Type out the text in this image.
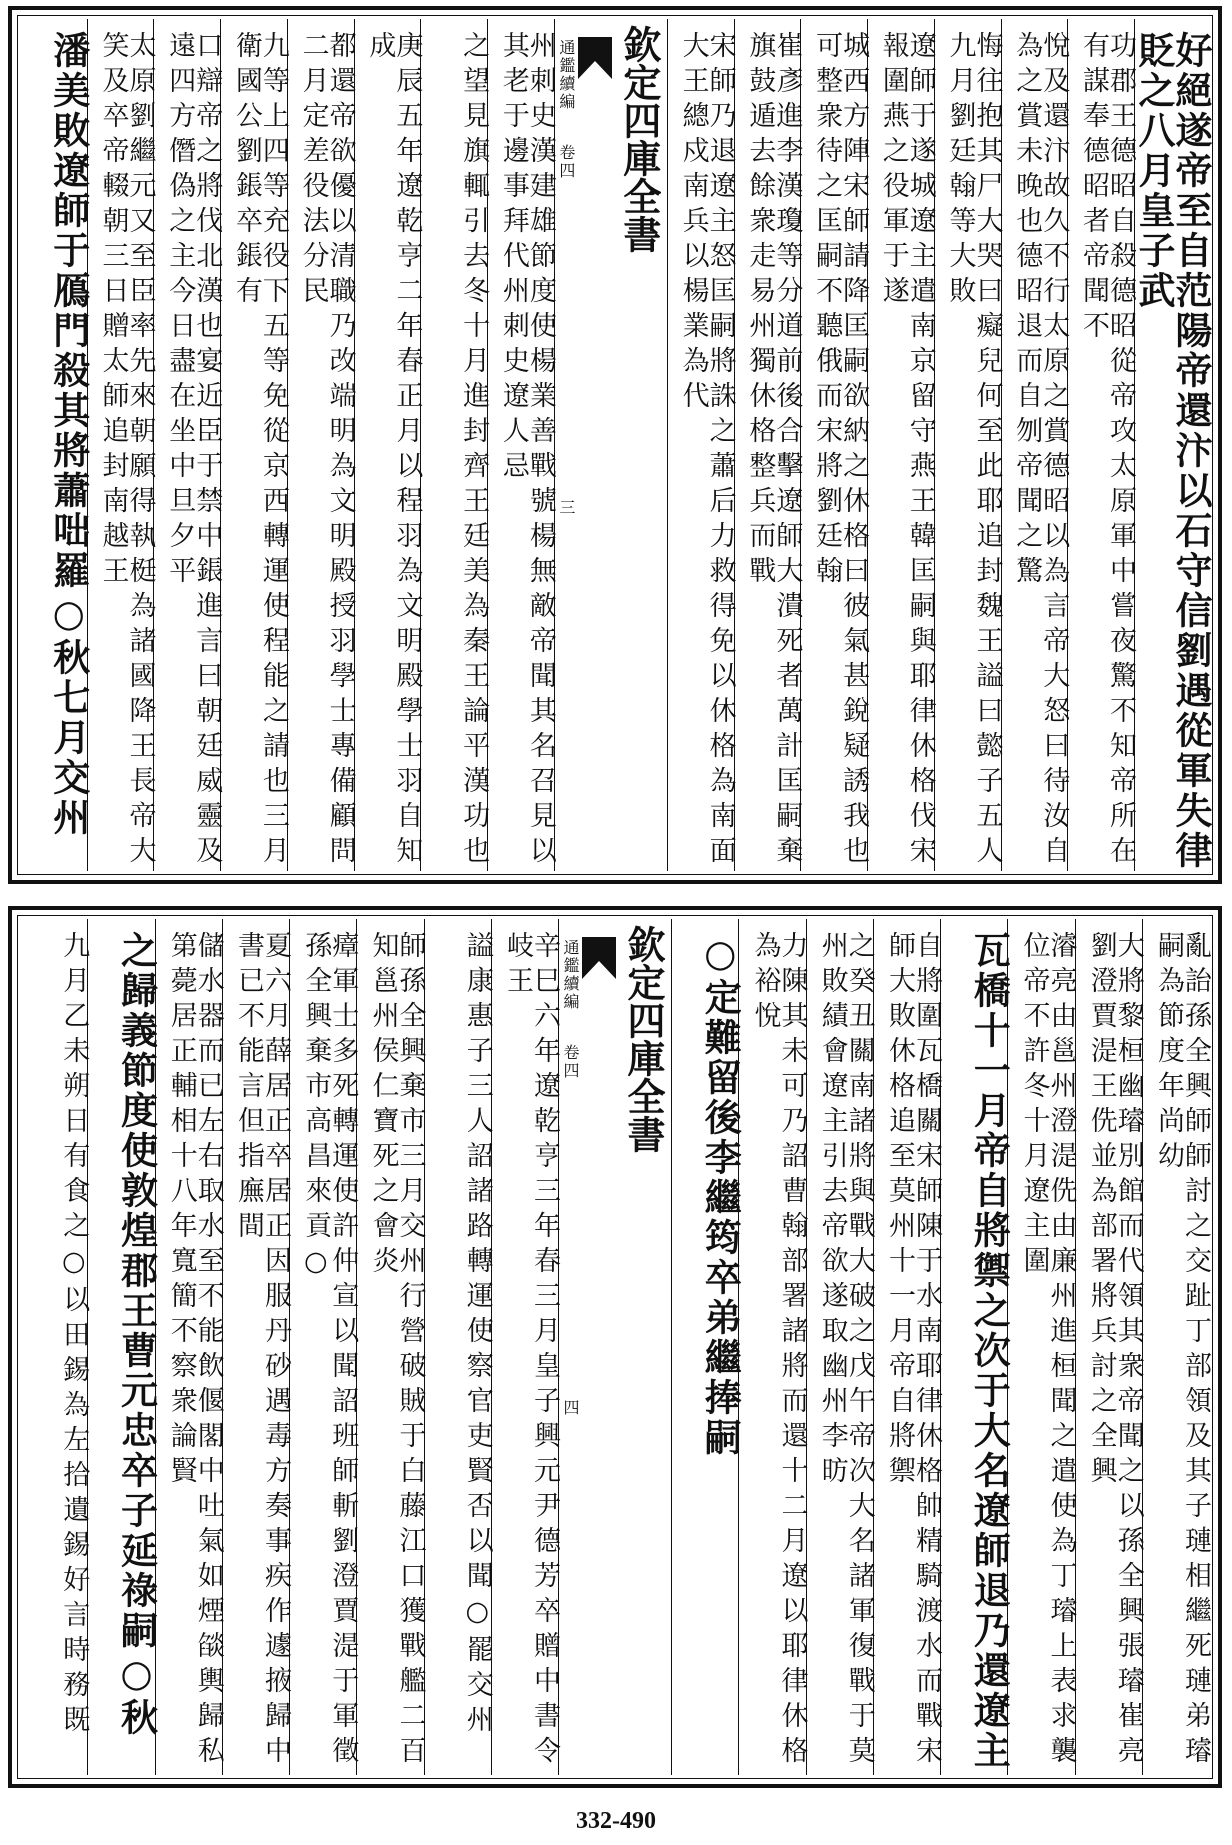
好絕遂帝至自范陽帝還汴以石守信劉遇從軍失律貶之八月皇子武
功郡王德昭自殺德昭從帝攻太原軍中嘗夜驚不知帝所在有謀奉德昭者帝聞不
悅及還汴故久不行太原之賞德昭以為言帝大怒曰待汝自為之賞未晚也德昭退而自刎帝聞之驚
悔往抱其尸大哭曰癡兒何至此耶追封魏王謚曰懿子五人九月劉廷翰等大敗
遼師于遂城遼主遣南京留守燕王韓匡嗣與耶律休格伐宋報圍燕之役軍于遂
城西方陣宋師請降匡嗣欲納之休格曰彼氣甚銳疑誘我也可整衆待之匡嗣不聽俄而宋將劉廷翰
崔彥進李漢瓊等分道前後合擊遼師大潰死者萬計匡嗣棄旗鼓遁去餘衆走易州獨休格整兵而戰
宋師乃退遼主怒匡嗣將誅之蕭后力救得免以休格為南面大王總戍南兵以楊業為代
欽定四庫全書
通鑑續編 卷四 三
州刺史漢建雄節度使楊業善戰號楊無敵帝聞其名召見以其老于邊事拜代州刺史遼人忌
之望見旗輒引去冬十月進封齊王廷美為秦王論平漢功也
庚辰五年遼乾亨二年春正月以程羽為文明殿學士羽自知成
都還帝欲優以清職乃改端明為文明殿授羽學士專備顧問二月定差役法分民
九等上四等充役下五等免從京西轉運使程能之請也三月衛國公劉鋹卒鋹有
口辯帝之將伐北漢也宴近臣于禁中鋹進言曰朝廷威靈及遠四方僭偽之主今日盡在坐中旦夕平
太原劉繼元又至臣率先來朝願得執梃為諸國降王長帝大笑及卒帝輟朝三日贈太師追封南越王
潘美敗遼師于鴈門殺其將蕭咄羅○秋七月交州
亂詒孫全興師師討之交趾丁部領及其子璉相繼死璉弟璿嗣為節度年尚幼
大將黎桓幽璿別館而代領其衆帝聞之以孫全興張璿崔亮劉澄賈湜王侁並為部署將兵討之全興
濬亮由邕州澄湜侁由廉州進桓聞之遣使為丁璿上表求襲位帝不許冬十月遼主圍
瓦橋十一月帝自將禦之次于大名遼師退乃還遼主
自將圍瓦橋關宋師陳于水南耶律休格帥精騎渡水而戰宋師大敗休格追至莫州十一月帝自將禦
之癸丑關南諸將與戰大破之戊午帝次大名諸軍復戰于莫州敗績會遼主引去帝欲遂取幽州李昉
力陳其未可乃詔曹翰部署諸將而還十二月遼以耶律休格為裕悅
○定難留後李繼筠卒弟繼捧嗣
欽定四庫全書
通鑑續編 卷四 四
辛巳六年遼乾亨三年春三月皇子興元尹德芳卒贈中書令岐王
謚康惠子三人詔諸路轉運使察官吏賢否以聞○罷交州
師孫全興棄市三月交州行營破賊于白藤江口獲戰艦二百知邕州侯仁寶死之會炎
瘴軍士多死轉運使許仲宣以聞詔班師斬劉澄賈湜于軍徵孫全興棄市高昌來貢○
夏六月薛居正卒居正因服丹砂遇毒方奏事疾作遽掖歸中書已不能言但指廡間
儲水器而已左右取水至不能飲偃閣中吐氣如煙燄輿歸私第薨居正輔相十八年寬簡不察衆論賢
之歸義節度使敦煌郡王曹元忠卒子延祿嗣○秋
九月乙未朔日有食之○以田錫為左拾遺錫好言時務既
332-490
